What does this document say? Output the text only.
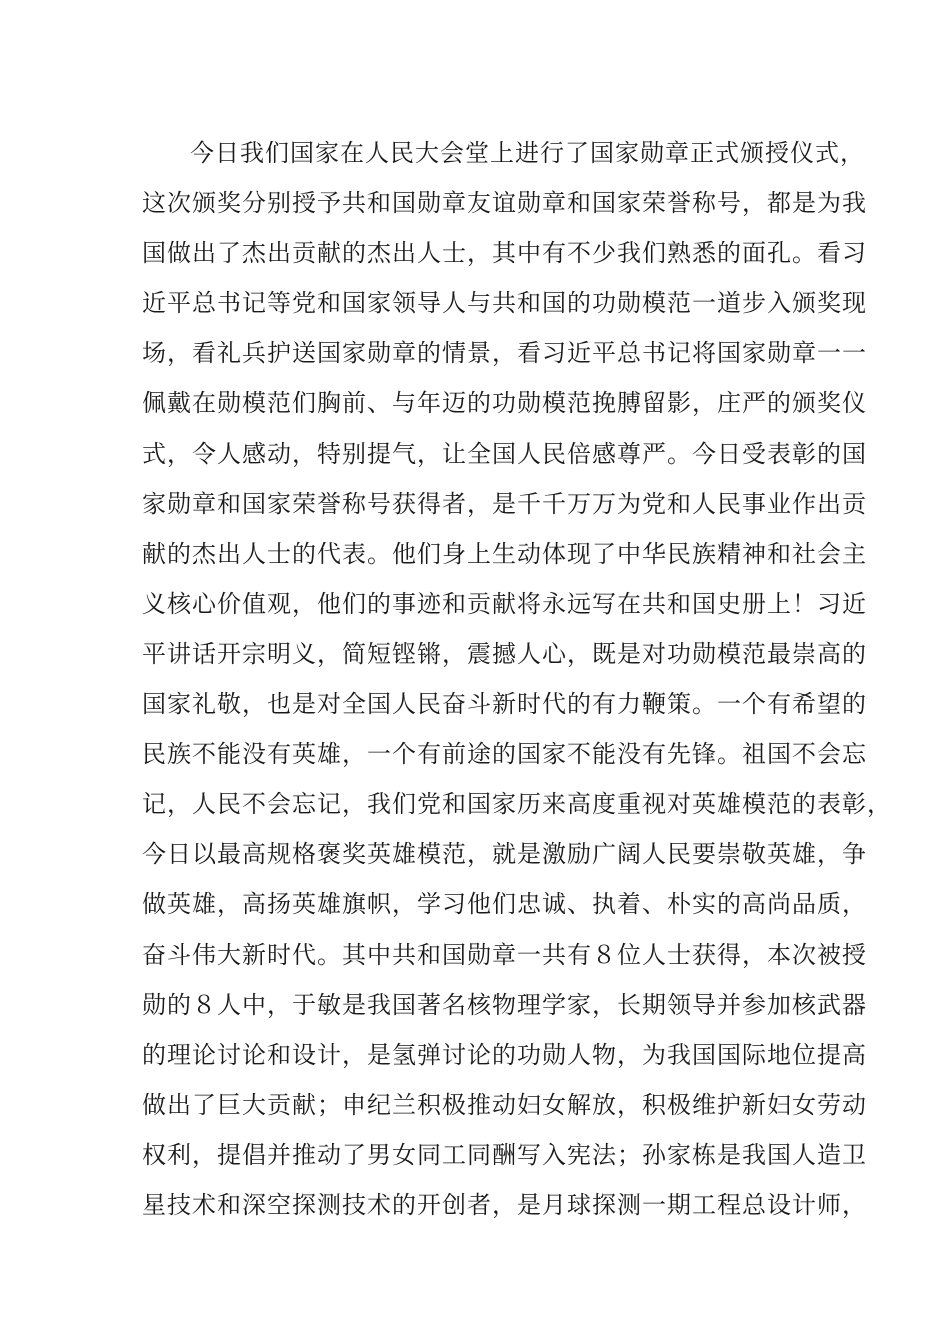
今日我们国家在人民大会堂上进行了国家勋章正式颁授仪式，
这次颁奖分别授予共和国勋章友谊勋章和国家荣誉称号，都是为我
国做出了杰出贡献的杰出人士，其中有不少我们熟悉的面孔。看习
近平总书记等党和国家领导人与共和国的功勋模范一道步入颁奖现
场，看礼兵护送国家勋章的情景，看习近平总书记将国家勋章一一
佩戴在勋模范们胸前、与年迈的功勋模范挽膊留影，庄严的颁奖仪
式，令人感动，特别提气，让全国人民倍感尊严。今日受表彰的国
家勋章和国家荣誉称号获得者，是千千万万为党和人民事业作出贡
献的杰出人士的代表。他们身上生动体现了中华民族精神和社会主
义核心价值观，他们的事迹和贡献将永远写在共和国史册上！习近
平讲话开宗明义，简短铿锵，震撼人心，既是对功勋模范最崇高的
国家礼敬，也是对全国人民奋斗新时代的有力鞭策。一个有希望的
民族不能没有英雄，一个有前途的国家不能没有先锋。祖国不会忘
记，人民不会忘记，我们党和国家历来高度重视对英雄模范的表彰，
今日以最高规格褒奖英雄模范，就是激励广阔人民要崇敬英雄，争
做英雄，高扬英雄旗帜，学习他们忠诚、执着、朴实的高尚品质，
奋斗伟大新时代。其中共和国勋章一共有８位人士获得，本次被授
勋的８人中，于敏是我国著名核物理学家，长期领导并参加核武器
的理论讨论和设计，是氢弹讨论的功勋人物，为我国国际地位提高
做出了巨大贡献；申纪兰积极推动妇女解放，积极维护新妇女劳动
权利，提倡并推动了男女同工同酬写入宪法；孙家栋是我国人造卫
星技术和深空探测技术的开创者，是月球探测一期工程总设计师，
